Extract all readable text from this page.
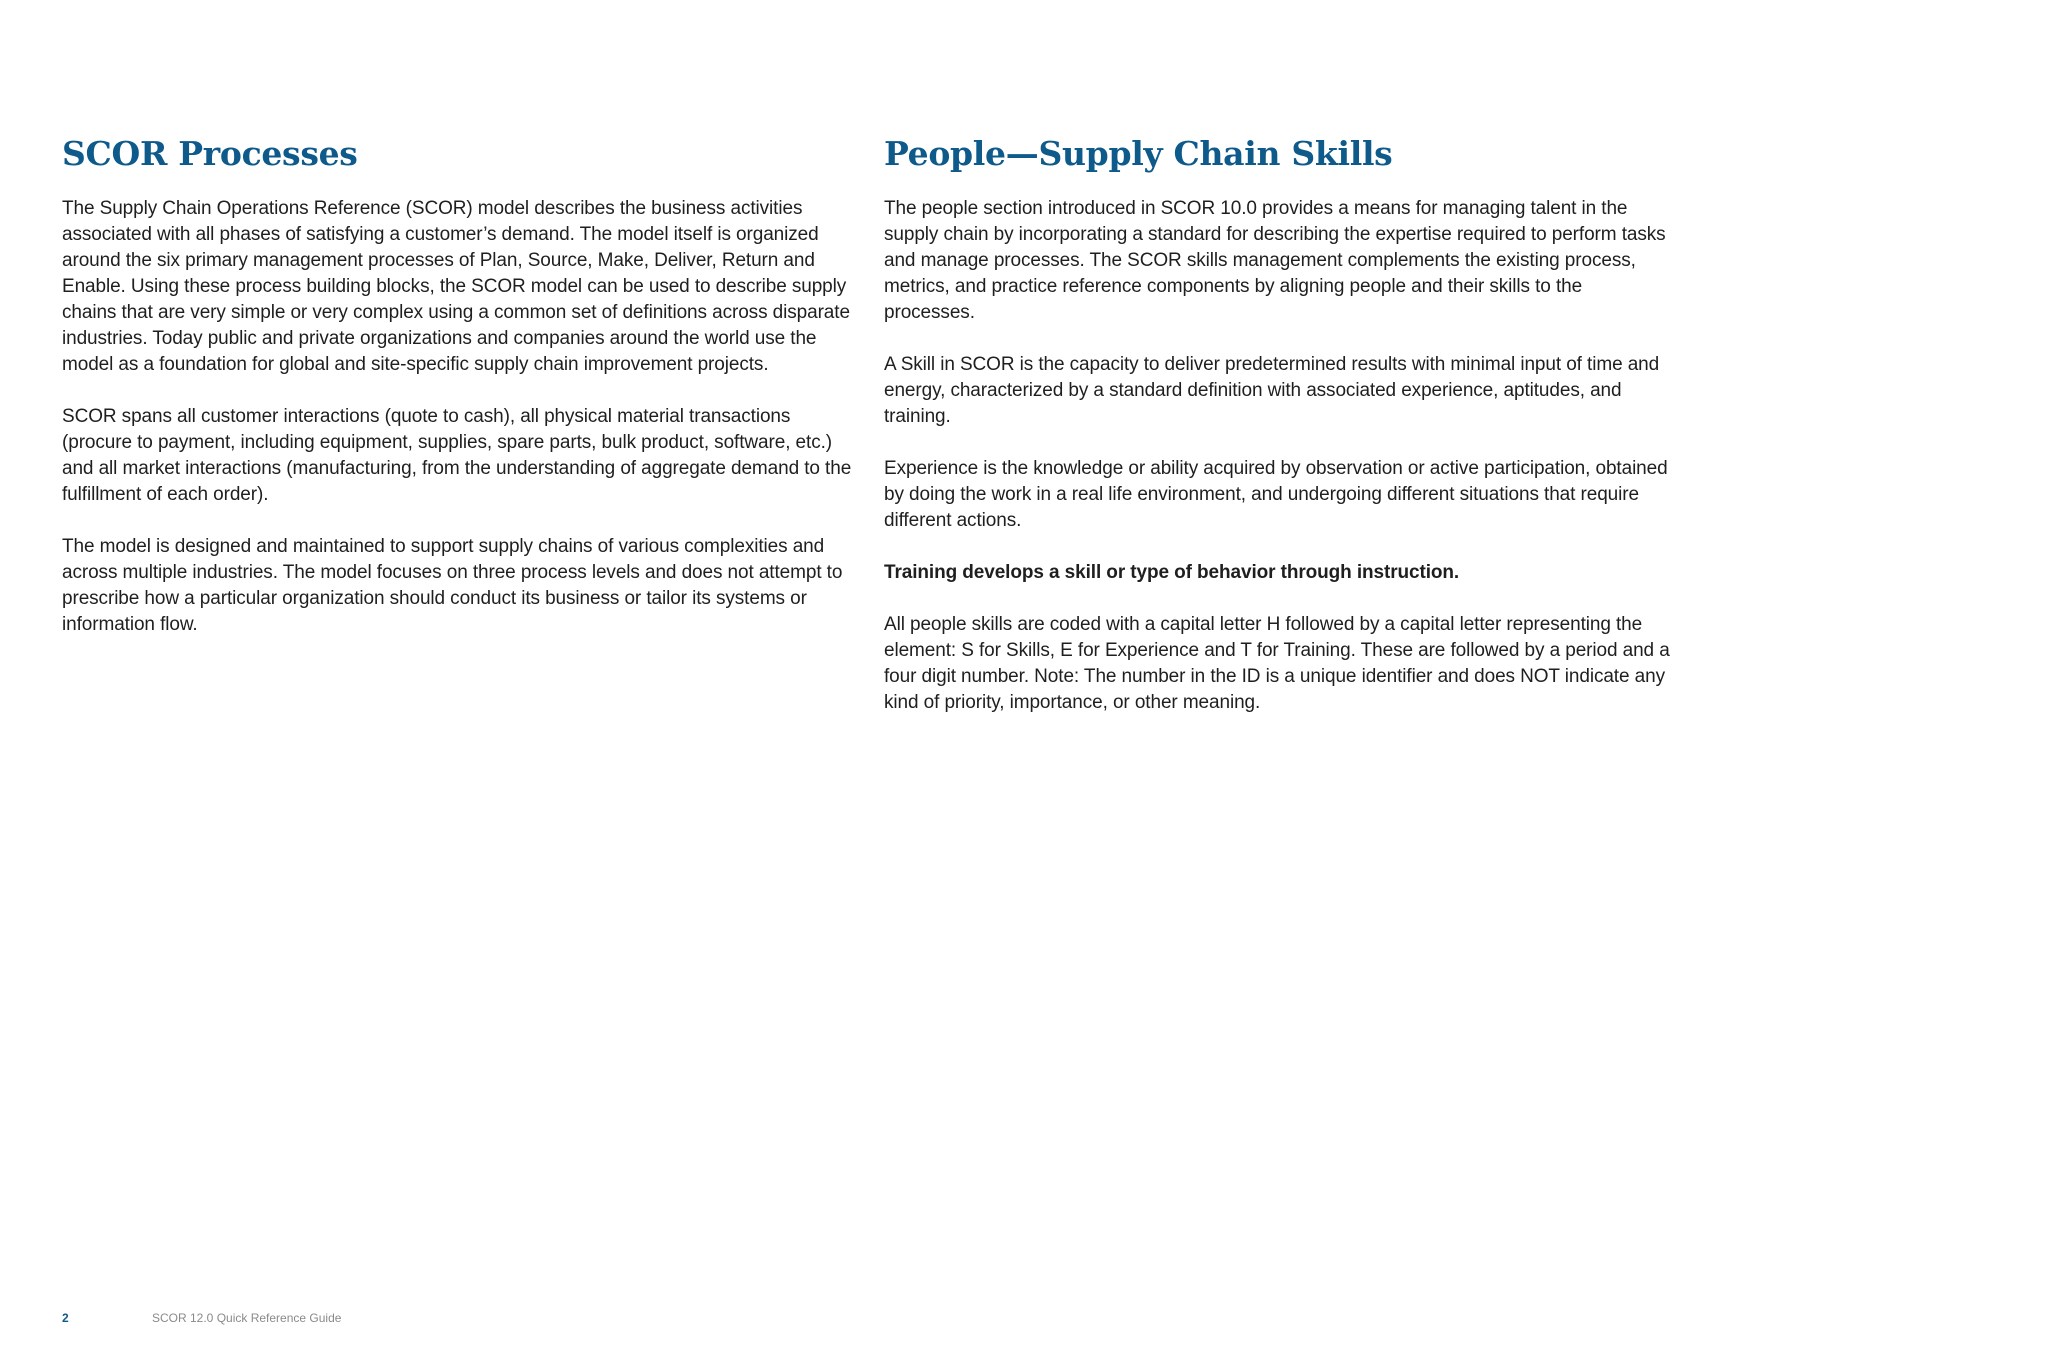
SCOR Processes

The Supply Chain Operations Reference (SCOR) model describes the business activities associated with all phases of satisfying a customer’s demand. The model itself is organized around the six primary management processes of Plan, Source, Make, Deliver, Return and Enable. Using these process building blocks, the SCOR model can be used to describe supply chains that are very simple or very complex using a common set of definitions across disparate industries. Today public and private organizations and companies around the world use the model as a foundation for global and site-specific supply chain improvement projects.

SCOR spans all customer interactions (quote to cash), all physical material transactions (procure to payment, including equipment, supplies, spare parts, bulk product, software, etc.) and all market interactions (manufacturing, from the understanding of aggregate demand to the fulfillment of each order).

The model is designed and maintained to support supply chains of various complexities and across multiple industries. The model focuses on three process levels and does not attempt to prescribe how a particular organization should conduct its business or tailor its systems or information flow.

People—Supply Chain Skills

The people section introduced in SCOR 10.0 provides a means for managing talent in the supply chain by incorporating a standard for describing the expertise required to perform tasks and manage processes. The SCOR skills management complements the existing process, metrics, and practice reference components by aligning people and their skills to the processes.

A Skill in SCOR is the capacity to deliver predetermined results with minimal input of time and energy, characterized by a standard definition with associated experience, aptitudes, and training.

Experience is the knowledge or ability acquired by observation or active participation, obtained by doing the work in a real life environment, and undergoing different situations that require different actions.

Training develops a skill or type of behavior through instruction.

All people skills are coded with a capital letter H followed by a capital letter representing the element: S for Skills, E for Experience and T for Training. These are followed by a period and a four digit number. Note: The number in the ID is a unique identifier and does NOT indicate any kind of priority, importance, or other meaning.

2	SCOR 12.0 Quick Reference Guide
